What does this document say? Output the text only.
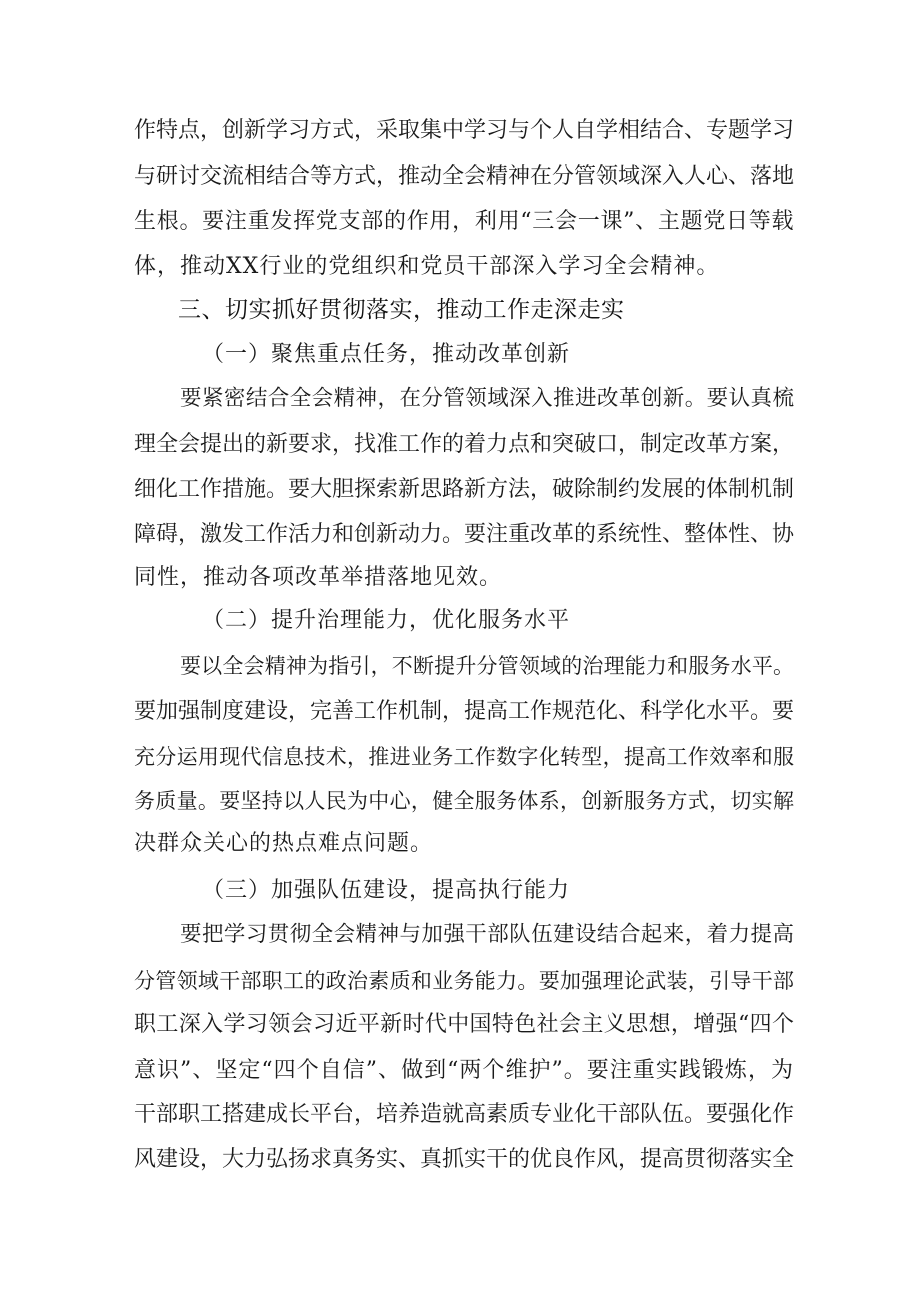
作特点，创新学习方式，采取集中学习与个人自学相结合、专题学习
与研讨交流相结合等方式，推动全会精神在分管领域深入人心、落地
生根。要注重发挥党支部的作用，利用“三会一课”、主题党日等载
体，推动XX行业的党组织和党员干部深入学习全会精神。
三、切实抓好贯彻落实，推动工作走深走实
（一）聚焦重点任务，推动改革创新
要紧密结合全会精神，在分管领域深入推进改革创新。要认真梳
理全会提出的新要求，找准工作的着力点和突破口，制定改革方案，
细化工作措施。要大胆探索新思路新方法，破除制约发展的体制机制
障碍，激发工作活力和创新动力。要注重改革的系统性、整体性、协
同性，推动各项改革举措落地见效。
（二）提升治理能力，优化服务水平
要以全会精神为指引，不断提升分管领域的治理能力和服务水平。
要加强制度建设，完善工作机制，提高工作规范化、科学化水平。要
充分运用现代信息技术，推进业务工作数字化转型，提高工作效率和服
务质量。要坚持以人民为中心，健全服务体系，创新服务方式，切实解
决群众关心的热点难点问题。
（三）加强队伍建设，提高执行能力
要把学习贯彻全会精神与加强干部队伍建设结合起来，着力提高
分管领域干部职工的政治素质和业务能力。要加强理论武装，引导干部
职工深入学习领会习近平新时代中国特色社会主义思想，增强“四个
意识”、坚定“四个自信”、做到“两个维护”。要注重实践锻炼，为
干部职工搭建成长平台，培养造就高素质专业化干部队伍。要强化作
风建设，大力弘扬求真务实、真抓实干的优良作风，提高贯彻落实全
